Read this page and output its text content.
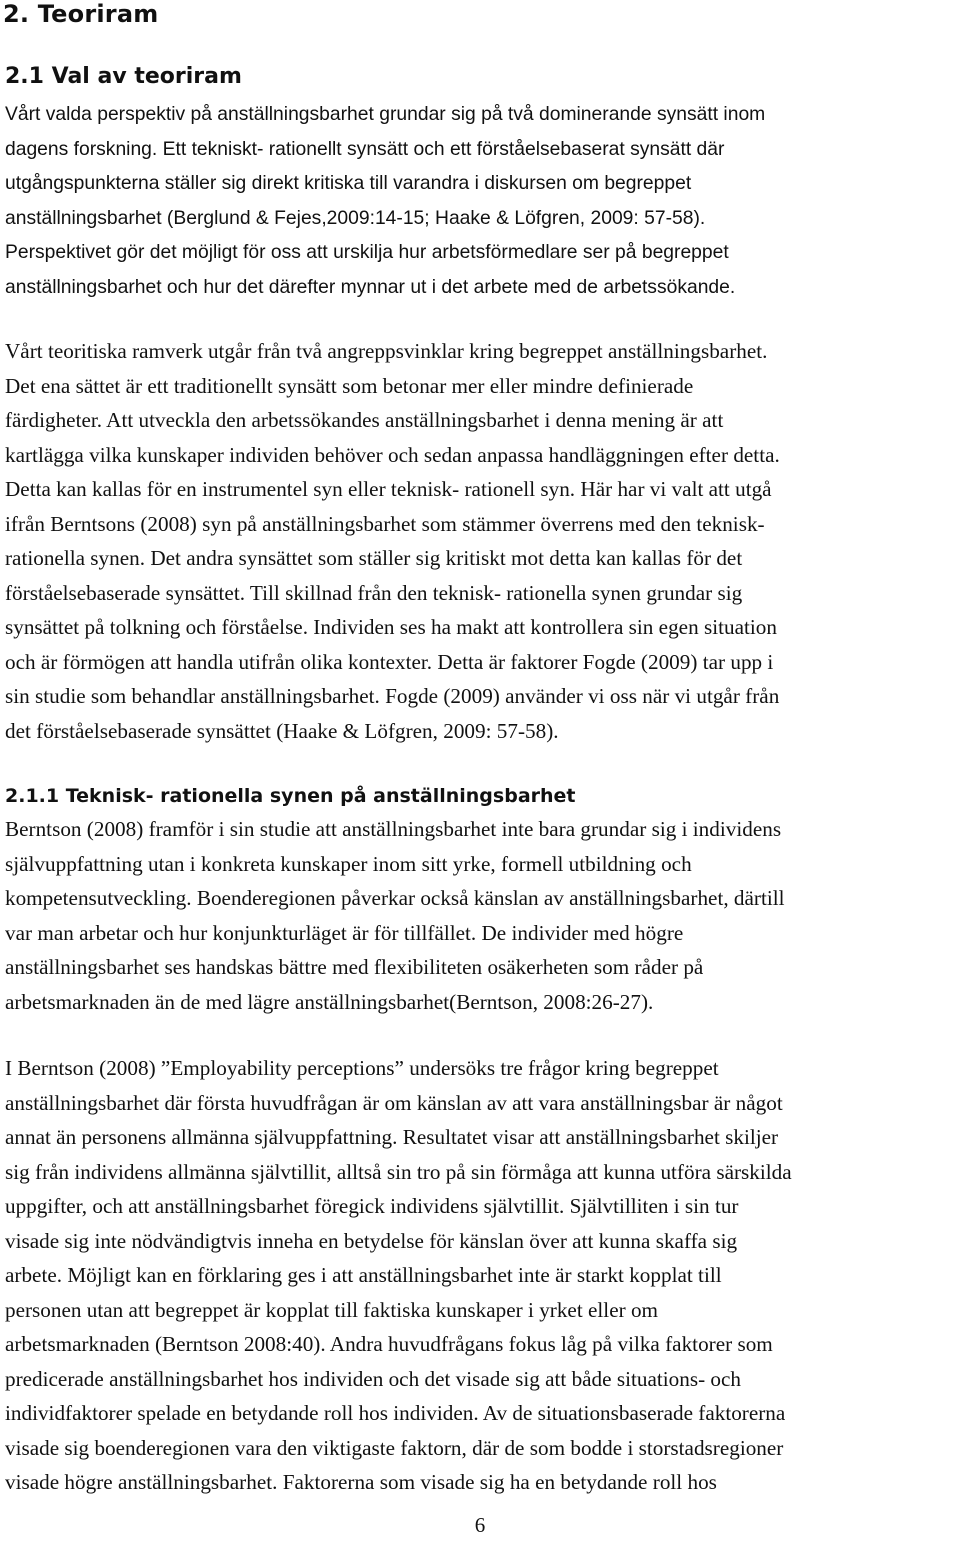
2. Teoriram
2.1 Val av teoriram
Vårt valda perspektiv på anställningsbarhet grundar sig på två dominerande synsätt inom dagens forskning. Ett tekniskt- rationellt synsätt och ett förståelsebaserat synsätt där utgångspunkterna ställer sig direkt kritiska till varandra i diskursen om begreppet anställningsbarhet (Berglund & Fejes,2009:14-15; Haake & Löfgren, 2009: 57-58). Perspektivet gör det möjligt för oss att urskilja hur arbetsförmedlare ser på begreppet anställningsbarhet och hur det därefter mynnar ut i det arbete med de arbetssökande.
Vårt teoritiska ramverk utgår från två angreppsvinklar kring begreppet anställningsbarhet. Det ena sättet är ett traditionellt synsätt som betonar mer eller mindre definierade färdigheter. Att utveckla den arbetssökandes anställningsbarhet i denna mening är att kartlägga vilka kunskaper individen behöver och sedan anpassa handläggningen efter detta. Detta kan kallas för en instrumentel syn eller teknisk- rationell syn. Här har vi valt att utgå ifrån Berntsons (2008) syn på anställningsbarhet som stämmer överrens med den teknisk- rationella synen. Det andra synsättet som ställer sig kritiskt mot detta kan kallas för det förståelsebaserade synsättet. Till skillnad från den teknisk- rationella synen grundar sig synsättet på tolkning och förståelse. Individen ses ha makt att kontrollera sin egen situation och är förmögen att handla utifrån olika kontexter. Detta är faktorer Fogde (2009) tar upp i sin studie som behandlar anställningsbarhet. Fogde (2009) använder vi oss när vi utgår från det förståelsebaserade synsättet (Haake & Löfgren, 2009: 57-58).
2.1.1 Teknisk- rationella synen på anställningsbarhet
Berntson (2008) framför i sin studie att anställningsbarhet inte bara grundar sig i individens självuppfattning utan i konkreta kunskaper inom sitt yrke, formell utbildning och kompetensutveckling. Boenderegionen påverkar också känslan av anställningsbarhet, därtill var man arbetar och hur konjunkturläget är för tillfället. De individer med högre anställningsbarhet ses handskas bättre med flexibiliteten osäkerheten som råder på arbetsmarknaden än de med lägre anställningsbarhet(Berntson, 2008:26-27).
I Berntson (2008) ”Employability perceptions” undersöks tre frågor kring begreppet anställningsbarhet där första huvudfrågan är om känslan av att vara anställningsbar är något annat än personens allmänna självuppfattning. Resultatet visar att anställningsbarhet skiljer sig från individens allmänna självtillit, alltså sin tro på sin förmåga att kunna utföra särskilda uppgifter, och att anställningsbarhet föregick individens självtillit. Självtilliten i sin tur visade sig inte nödvändigtvis inneha en betydelse för känslan över att kunna skaffa sig arbete. Möjligt kan en förklaring ges i att anställningsbarhet inte är starkt kopplat till personen utan att begreppet är kopplat till faktiska kunskaper i yrket eller om arbetsmarknaden (Berntson 2008:40). Andra huvudfrågans fokus låg på vilka faktorer som predicerade anställningsbarhet hos individen och det visade sig att både situations- och individfaktorer spelade en betydande roll hos individen. Av de situationsbaserade faktorerna visade sig boenderegionen vara den viktigaste faktorn, där de som bodde i storstadsregioner visade högre anställningsbarhet. Faktorerna som visade sig ha en betydande roll hos
6
